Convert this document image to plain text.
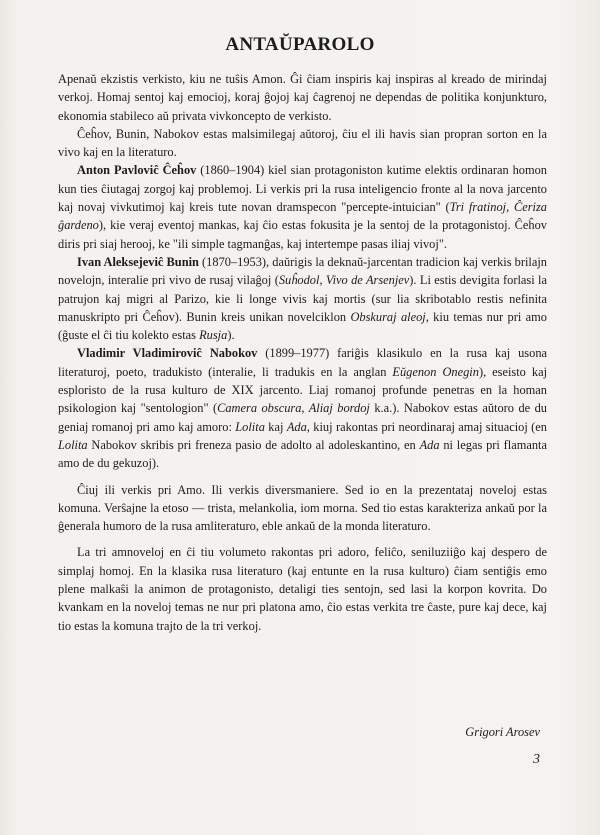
ANTAŬPAROLO

Apenaŭ ekzistis verkisto, kiu ne tuŝis Amon. Ĝi ĉiam inspiris kaj inspiras al kreado de mirindaj verkoj. Homaj sentoj kaj emocioj, koraj ĝojoj kaj ĉagrenoj ne dependas de politika konjunkturo, ekonomia stabileco aŭ privata vivkoncepto de verkisto.

Ĉeĥov, Bunin, Nabokov estas malsimilegaj aŭtoroj, ĉiu el ili havis sian propran sorton en la vivo kaj en la literaturo.

Anton Pavloviĉ Ĉeĥov (1860–1904) kiel sian protagoniston kutime elektis ordinaran homon kun ties ĉiutagaj zorgoj kaj problemoj. Li verkis pri la rusa inteligencio fronte al la nova jarcento kaj novaj vivkutimoj kaj kreis tute novan dramspecon "percepte-intuician" (Tri fratinoj, Ĉeriza ĝardeno), kie veraj eventoj mankas, kaj ĉio estas fokusita je la sentoj de la protagonistoj. Ĉeĥov diris pri siaj herooj, ke "ili simple tagmanĝas, kaj intertempe pasas iliaj vivoj".

Ivan Aleksejeviĉ Bunin (1870–1953), daŭrigis la deknaŭ-jarcentan tradicion kaj verkis brilajn novelojn, interalie pri vivo de rusaj vilaĝoj (Suĥodol, Vivo de Arsenjev). Li estis devigita forlasi la patrujon kaj migri al Parizo, kie li longe vivis kaj mortis (sur lia skribotablo restis nefinita manuskripto pri Ĉeĥov). Bunin kreis unikan novelciklon Obskuraj aleoj, kiu temas nur pri amo (ĝuste el ĉi tiu kolekto estas Rusja).

Vladimir Vladimiroviĉ Nabokov (1899–1977) fariĝis klasikulo en la rusa kaj usona literaturoj, poeto, tradukisto (interalie, li tradukis en la anglan Eŭgenon Onegin), eseisto kaj esploristo de la rusa kulturo de XIX jarcento. Liaj romanoj profunde penetras en la homan psikologion kaj "sentologion" (Camera obscura, Aliaj bordoj k.a.). Nabokov estas aŭtoro de du geniaj romanoj pri amo kaj amoro: Lolita kaj Ada, kiuj rakontas pri neordinaraj amaj situacioj (en Lolita Nabokov skribis pri freneza pasio de adolto al adoleskantino, en Ada ni legas pri flamanta amo de du gekuzoj).

Ĉiuj ili verkis pri Amo. Ili verkis diversmaniere. Sed io en la prezentataj noveloj estas komuna. Verŝajne la etoso — trista, melankolia, iom morna. Sed tio estas karakteriza ankaŭ por la ĝenerala humoro de la rusa amliteraturo, eble ankaŭ de la monda literaturo.

La tri amnoveloj en ĉi tiu volumeto rakontas pri adoro, feliĉo, seniluziiĝo kaj despero de simplaj homoj. En la klasika rusa literaturo (kaj entunte en la rusa kulturo) ĉiam sentiĝis emo plene malkaŝi la animon de protagonisto, detaligi ties sentojn, sed lasi la korpon kovrita. Do kvankam en la noveloj temas ne nur pri platona amo, ĉio estas verkita tre ĉaste, pure kaj dece, kaj tio estas la komuna trajto de la tri verkoj.

Grigori Arosev
3
